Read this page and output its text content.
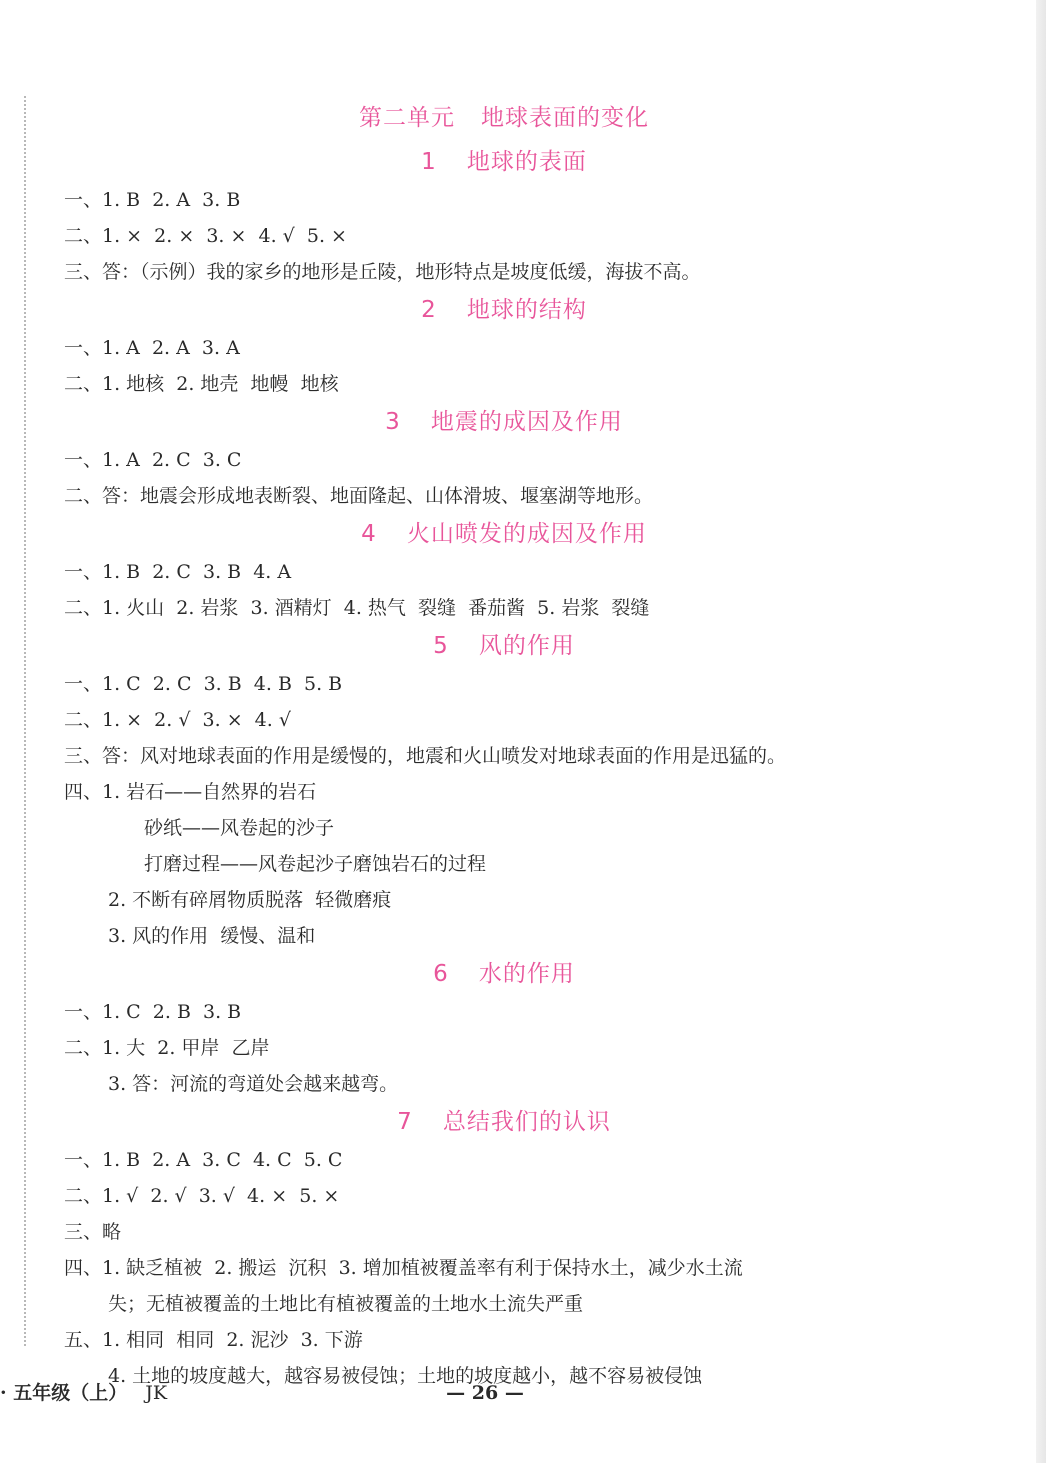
第二单元 地球表面的变化
1 地球的表面
一、1. B  2. A  3. B
二、1. ×  2. ×  3. ×  4. √  5. ×
三、答：（示例）我的家乡的地形是丘陵，地形特点是坡度低缓，海拔不高。
2 地球的结构
一、1. A  2. A  3. A
二、1. 地核  2. 地壳  地幔  地核
3 地震的成因及作用
一、1. A  2. C  3. C
二、答：地震会形成地表断裂、地面隆起、山体滑坡、堰塞湖等地形。
4 火山喷发的成因及作用
一、1. B  2. C  3. B  4. A
二、1. 火山  2. 岩浆  3. 酒精灯  4. 热气  裂缝  番茄酱  5. 岩浆  裂缝
5 风的作用
一、1. C  2. C  3. B  4. B  5. B
二、1. ×  2. √  3. ×  4. √
三、答：风对地球表面的作用是缓慢的，地震和火山喷发对地球表面的作用是迅猛的。
四、1. 岩石——自然界的岩石
砂纸——风卷起的沙子
打磨过程——风卷起沙子磨蚀岩石的过程
2. 不断有碎屑物质脱落  轻微磨痕
3. 风的作用  缓慢、温和
6 水的作用
一、1. C  2. B  3. B
二、1. 大  2. 甲岸  乙岸
3. 答：河流的弯道处会越来越弯。
7 总结我们的认识
一、1. B  2. A  3. C  4. C  5. C
二、1. √  2. √  3. √  4. ×  5. ×
三、略
四、1. 缺乏植被  2. 搬运  沉积  3. 增加植被覆盖率有利于保持水土，减少水土流
失；无植被覆盖的土地比有植被覆盖的土地水土流失严重
五、1. 相同  相同  2. 泥沙  3. 下游
4. 土地的坡度越大，越容易被侵蚀；土地的坡度越小，越不容易被侵蚀
· 五年级（上） JK	— 26 —
